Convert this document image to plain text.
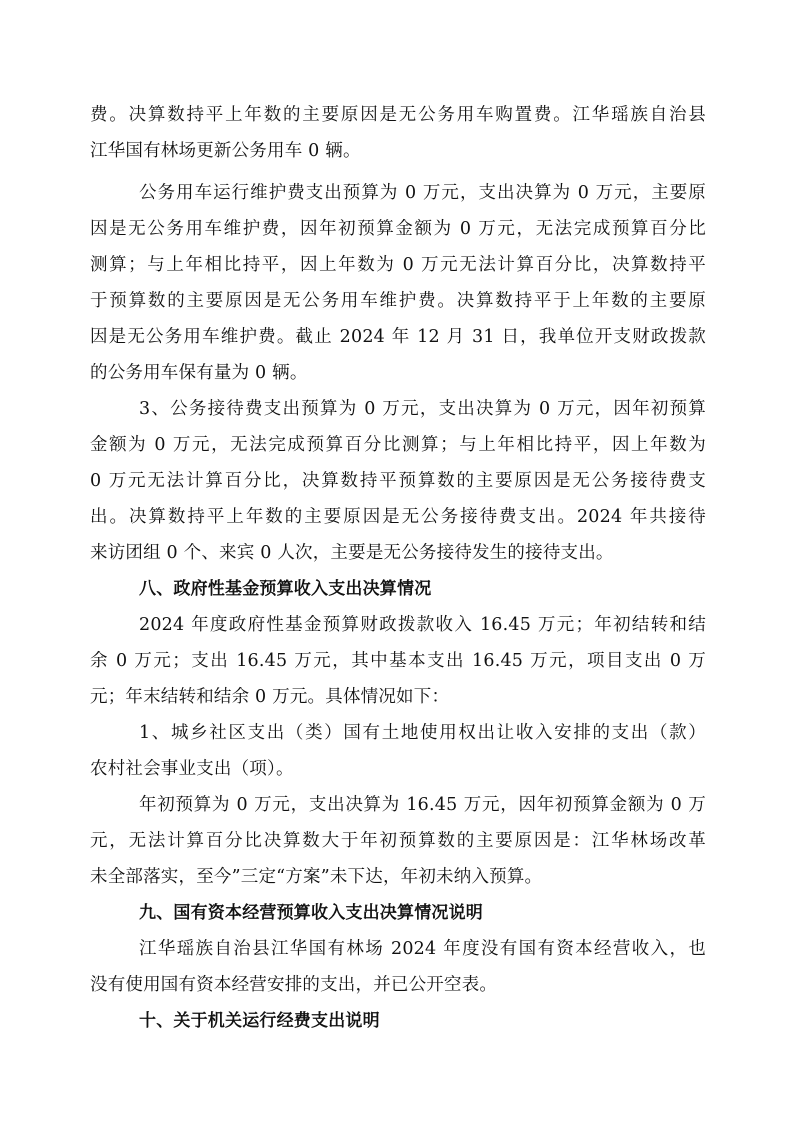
费。决算数持平上年数的主要原因是无公务用车购置费。江华瑶族自治县
江华国有林场更新公务用车 0 辆。
公务用车运行维护费支出预算为 0 万元，支出决算为 0 万元，主要原
因是无公务用车维护费，因年初预算金额为 0 万元，无法完成预算百分比
测算；与上年相比持平，因上年数为 0 万元无法计算百分比，决算数持平
于预算数的主要原因是无公务用车维护费。决算数持平于上年数的主要原
因是无公务用车维护费。截止 2024 年 12 月 31 日，我单位开支财政拨款
的公务用车保有量为 0 辆。
3、公务接待费支出预算为 0 万元，支出决算为 0 万元，因年初预算
金额为 0 万元，无法完成预算百分比测算；与上年相比持平，因上年数为
0 万元无法计算百分比，决算数持平预算数的主要原因是无公务接待费支
出。决算数持平上年数的主要原因是无公务接待费支出。2024 年共接待
来访团组 0 个、来宾 0 人次，主要是无公务接待发生的接待支出。
八、政府性基金预算收入支出决算情况
2024 年度政府性基金预算财政拨款收入 16.45 万元；年初结转和结
余 0 万元；支出 16.45 万元，其中基本支出 16.45 万元，项目支出 0 万
元；年末结转和结余 0 万元。具体情况如下：
1、城乡社区支出（类）国有土地使用权出让收入安排的支出（款）
农村社会事业支出（项）。
年初预算为 0 万元，支出决算为 16.45 万元，因年初预算金额为 0 万
元，无法计算百分比决算数大于年初预算数的主要原因是：江华林场改革
未全部落实，至今”三定“方案”未下达，年初未纳入预算。
九、国有资本经营预算收入支出决算情况说明
江华瑶族自治县江华国有林场 2024 年度没有国有资本经营收入，也
没有使用国有资本经营安排的支出，并已公开空表。
十、关于机关运行经费支出说明
